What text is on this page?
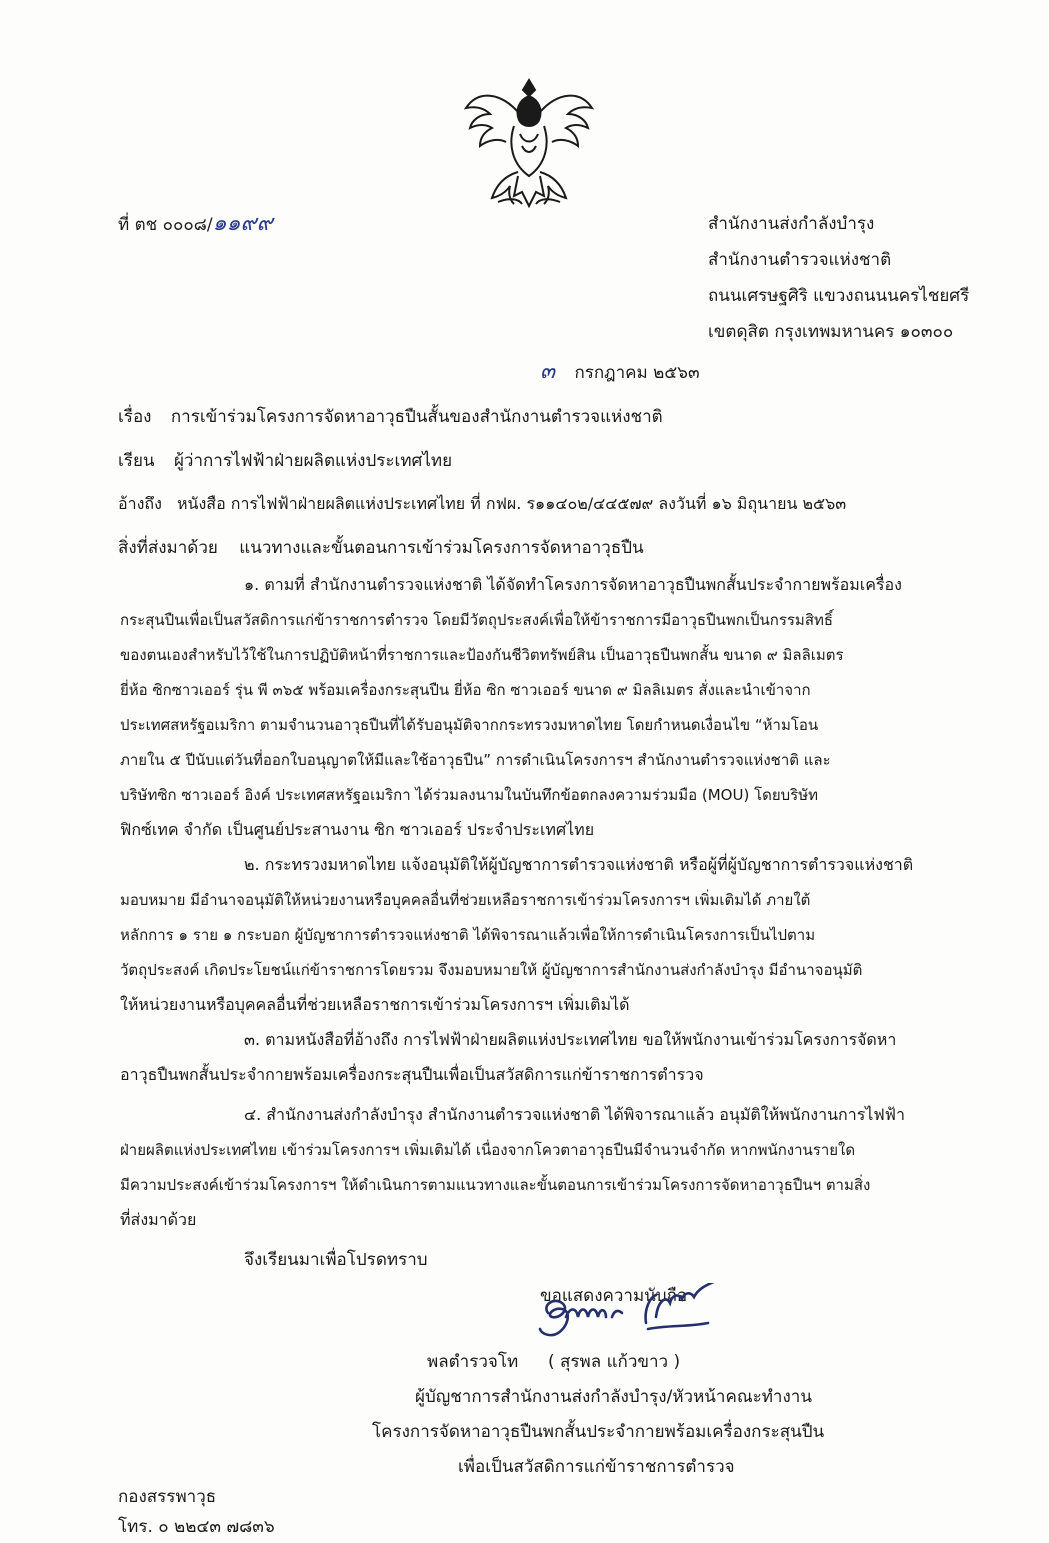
ที่ ตช ๐๐๐๘/๑๑๙๙	สำนักงานส่งกำลังบำรุง
สำนักงานตำรวจแห่งชาติ
ถนนเศรษฐศิริ แขวงถนนนครไชยศรี
เขตดุสิต กรุงเทพมหานคร ๑๐๓๐๐
๓ กรกฎาคม ๒๕๖๓
เรื่อง การเข้าร่วมโครงการจัดหาอาวุธปืนสั้นของสำนักงานตำรวจแห่งชาติ
เรียน ผู้ว่าการไฟฟ้าฝ่ายผลิตแห่งประเทศไทย
อ้างถึง หนังสือ การไฟฟ้าฝ่ายผลิตแห่งประเทศไทย ที่ กฟผ. ร๑๑๔๐๒/๔๔๕๗๙ ลงวันที่ ๑๖ มิถุนายน ๒๕๖๓
สิ่งที่ส่งมาด้วย แนวทางและขั้นตอนการเข้าร่วมโครงการจัดหาอาวุธปืน
๑. ตามที่ สำนักงานตำรวจแห่งชาติ ได้จัดทำโครงการจัดหาอาวุธปืนพกสั้นประจำกายพร้อมเครื่อง
กระสุนปืนเพื่อเป็นสวัสดิการแก่ข้าราชการตำรวจ โดยมีวัตถุประสงค์เพื่อให้ข้าราชการมีอาวุธปืนพกเป็นกรรมสิทธิ์
ของตนเองสำหรับไว้ใช้ในการปฏิบัติหน้าที่ราชการและป้องกันชีวิตทรัพย์สิน เป็นอาวุธปืนพกสั้น ขนาด ๙ มิลลิเมตร
ยี่ห้อ ซิกซาวเออร์ รุ่น พี ๓๖๕ พร้อมเครื่องกระสุนปืน ยี่ห้อ ซิก ซาวเออร์ ขนาด ๙ มิลลิเมตร สั่งและนำเข้าจาก
ประเทศสหรัฐอเมริกา ตามจำนวนอาวุธปืนที่ได้รับอนุมัติจากกระทรวงมหาดไทย โดยกำหนดเงื่อนไข “ห้ามโอน
ภายใน ๕ ปีนับแต่วันที่ออกใบอนุญาตให้มีและใช้อาวุธปืน” การดำเนินโครงการฯ สำนักงานตำรวจแห่งชาติ และ
บริษัทซิก ซาวเออร์ อิงค์ ประเทศสหรัฐอเมริกา ได้ร่วมลงนามในบันทึกข้อตกลงความร่วมมือ (MOU) โดยบริษัท
ฟิกซ์เทค จำกัด เป็นศูนย์ประสานงาน ซิก ซาวเออร์ ประจำประเทศไทย
๒. กระทรวงมหาดไทย แจ้งอนุมัติให้ผู้บัญชาการตำรวจแห่งชาติ หรือผู้ที่ผู้บัญชาการตำรวจแห่งชาติ
มอบหมาย มีอำนาจอนุมัติให้หน่วยงานหรือบุคคลอื่นที่ช่วยเหลือราชการเข้าร่วมโครงการฯ เพิ่มเติมได้ ภายใต้
หลักการ ๑ ราย ๑ กระบอก ผู้บัญชาการตำรวจแห่งชาติ ได้พิจารณาแล้วเพื่อให้การดำเนินโครงการเป็นไปตาม
วัตถุประสงค์ เกิดประโยชน์แก่ข้าราชการโดยรวม จึงมอบหมายให้ ผู้บัญชาการสำนักงานส่งกำลังบำรุง มีอำนาจอนุมัติ
ให้หน่วยงานหรือบุคคลอื่นที่ช่วยเหลือราชการเข้าร่วมโครงการฯ เพิ่มเติมได้
๓. ตามหนังสือที่อ้างถึง การไฟฟ้าฝ่ายผลิตแห่งประเทศไทย ขอให้พนักงานเข้าร่วมโครงการจัดหา
อาวุธปืนพกสั้นประจำกายพร้อมเครื่องกระสุนปืนเพื่อเป็นสวัสดิการแก่ข้าราชการตำรวจ
๔. สำนักงานส่งกำลังบำรุง สำนักงานตำรวจแห่งชาติ ได้พิจารณาแล้ว อนุมัติให้พนักงานการไฟฟ้า
ฝ่ายผลิตแห่งประเทศไทย เข้าร่วมโครงการฯ เพิ่มเติมได้ เนื่องจากโควตาอาวุธปืนมีจำนวนจำกัด หากพนักงานรายใด
มีความประสงค์เข้าร่วมโครงการฯ ให้ดำเนินการตามแนวทางและขั้นตอนการเข้าร่วมโครงการจัดหาอาวุธปืนฯ ตามสิ่ง
ที่ส่งมาด้วย
จึงเรียนมาเพื่อโปรดทราบ
ขอแสดงความนับถือ
พลตำรวจโท ( สุรพล แก้วขาว )
ผู้บัญชาการสำนักงานส่งกำลังบำรุง/หัวหน้าคณะทำงาน
โครงการจัดหาอาวุธปืนพกสั้นประจำกายพร้อมเครื่องกระสุนปืน
เพื่อเป็นสวัสดิการแก่ข้าราชการตำรวจ
กองสรรพาวุธ
โทร. ๐ ๒๒๔๓ ๗๘๓๖
